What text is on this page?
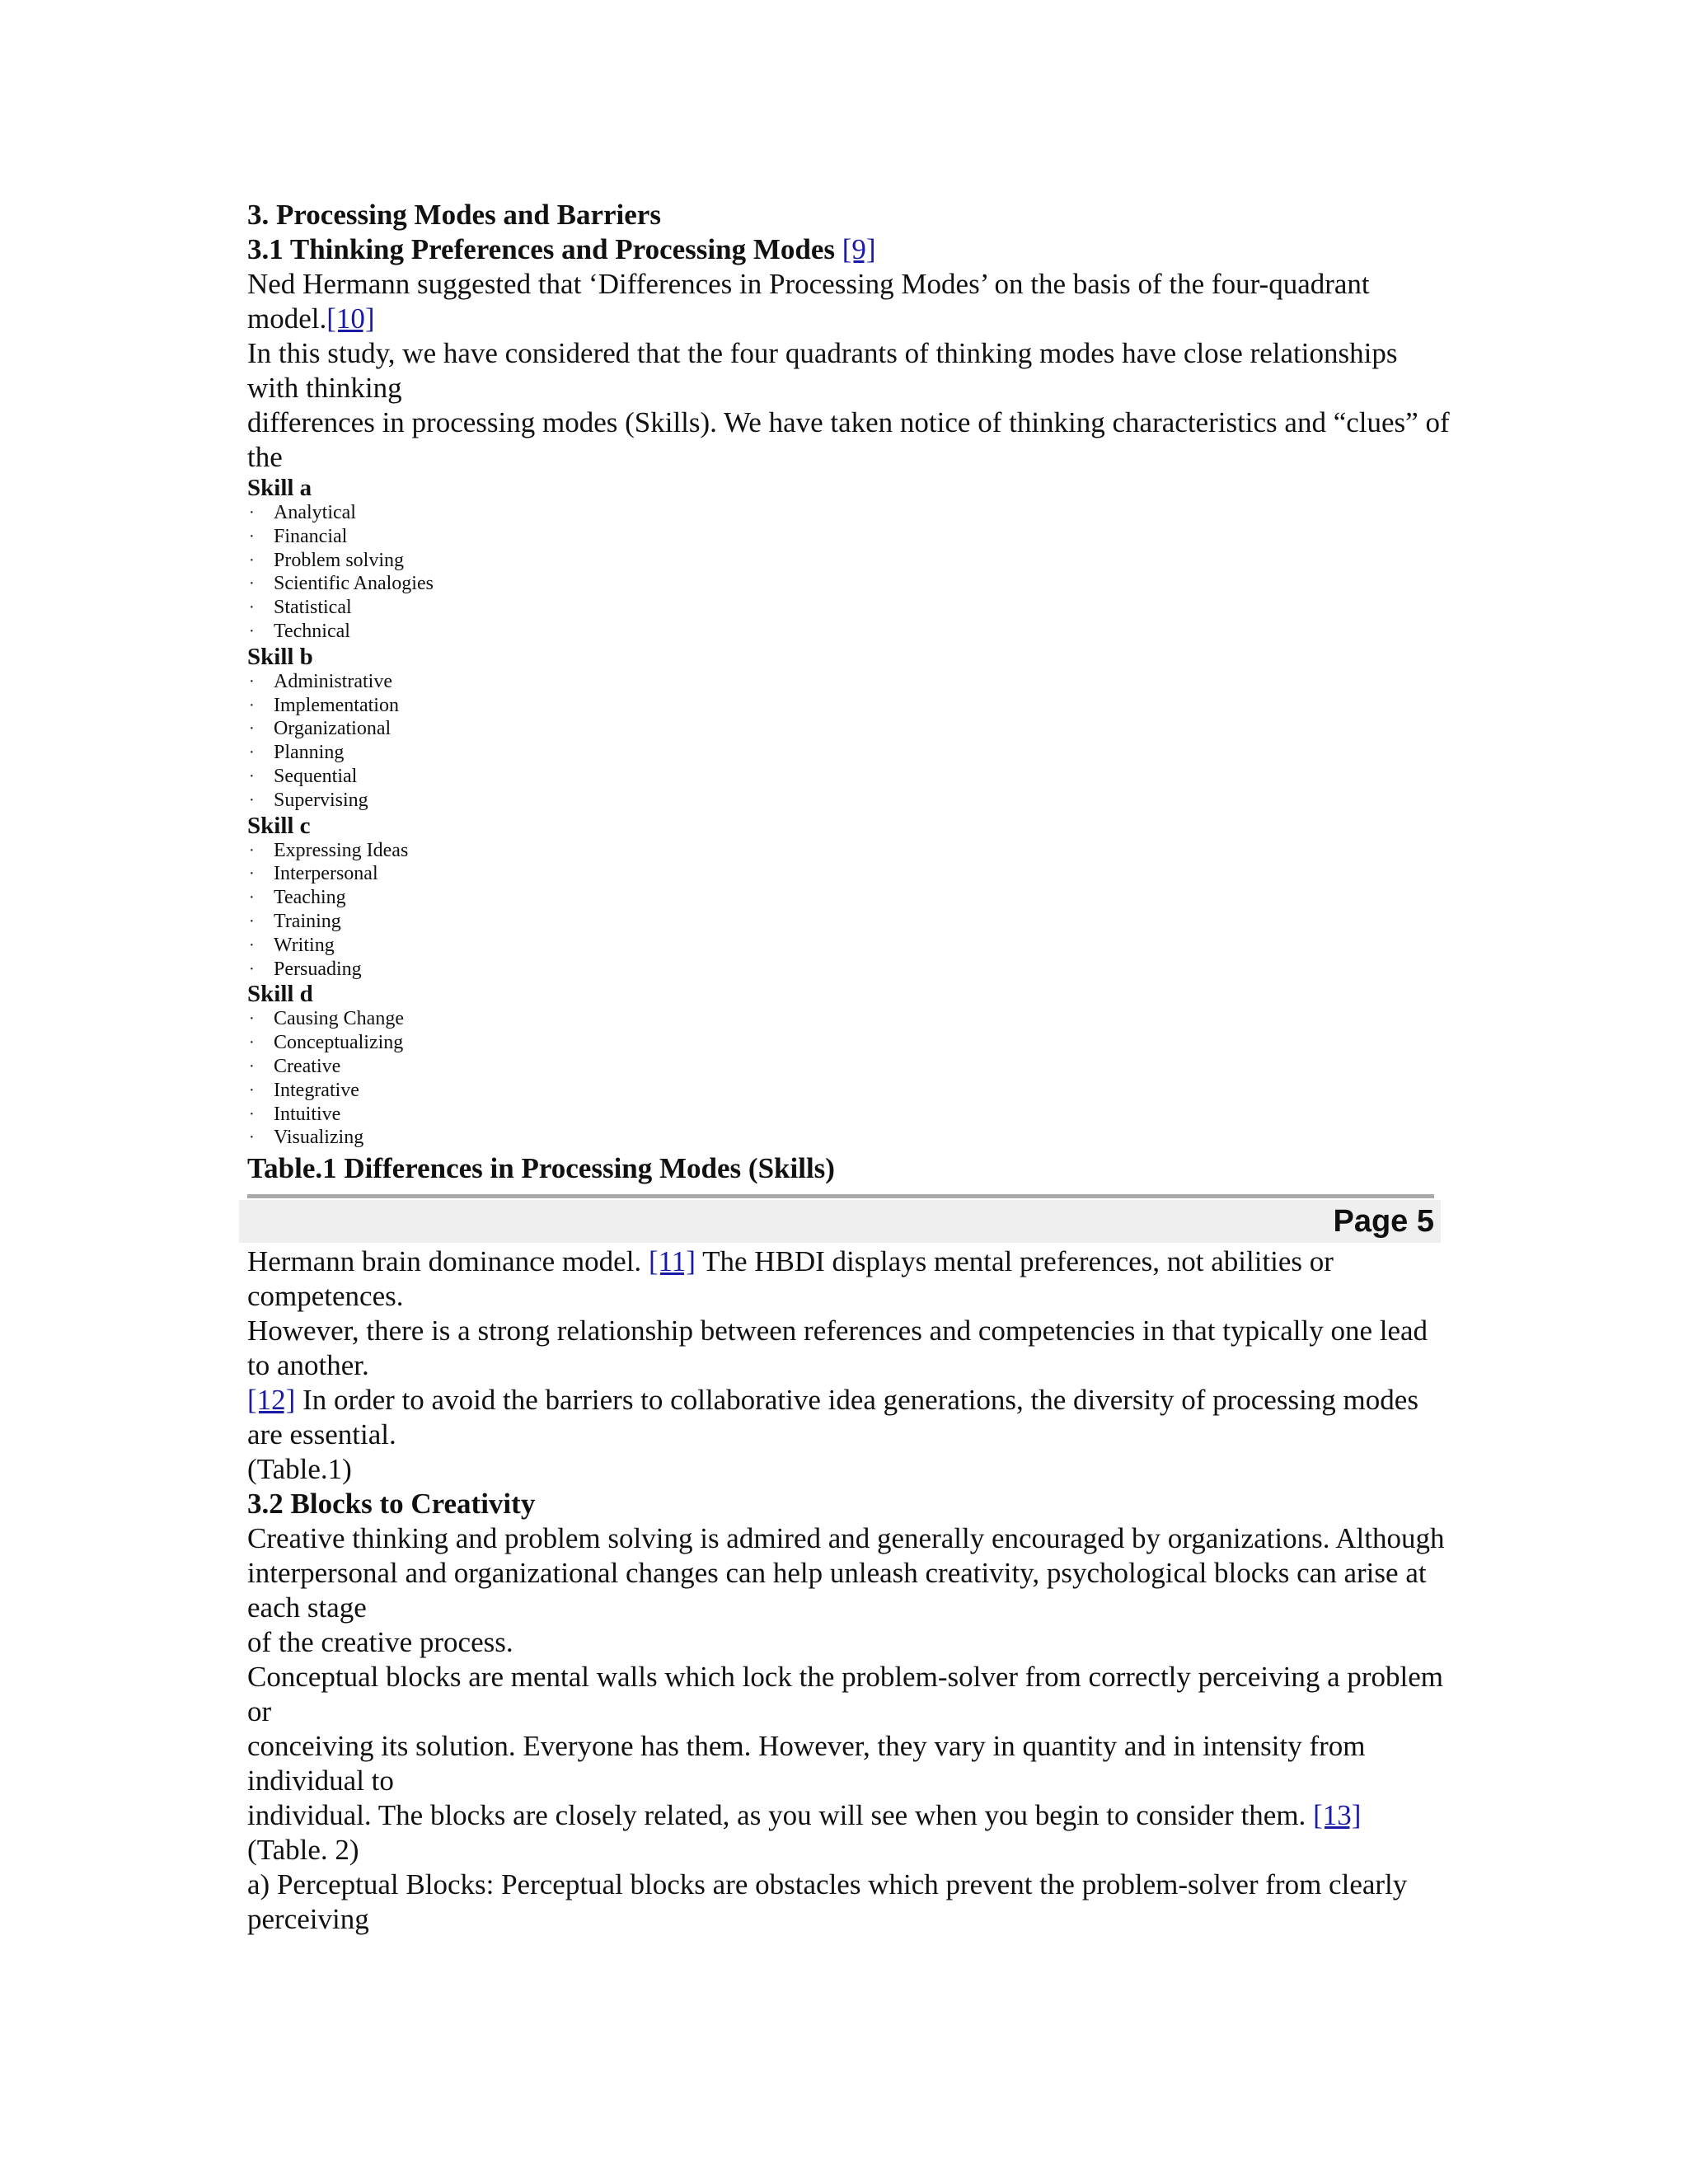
3. Processing Modes and Barriers
3.1 Thinking Preferences and Processing Modes [9]

Ned Hermann suggested that ‘Differences in Processing Modes’ on the basis of the four-quadrant model.[10]

In this study, we have considered that the four quadrants of thinking modes have close relationships with thinking

differences in processing modes (Skills). We have taken notice of thinking characteristics and “clues” of the

Skill a
· Analytical
· Financial
· Problem solving
· Scientific Analogies
· Statistical
· Technical
Skill b
· Administrative
· Implementation
· Organizational
· Planning
· Sequential
· Supervising
Skill c
· Expressing Ideas
· Interpersonal
· Teaching
· Training
· Writing
· Persuading
Skill d
· Causing Change
· Conceptualizing
· Creative
· Integrative
· Intuitive
· Visualizing
Table.1 Differences in Processing Modes (Skills)
Page 5

Hermann brain dominance model. [11] The HBDI displays mental preferences, not abilities or competences.

However, there is a strong relationship between references and competencies in that typically one lead to another.

[12] In order to avoid the barriers to collaborative idea generations, the diversity of processing modes are essential.

(Table.1)

3.2 Blocks to Creativity

Creative thinking and problem solving is admired and generally encouraged by organizations. Although

interpersonal and organizational changes can help unleash creativity, psychological blocks can arise at each stage

of the creative process.

Conceptual blocks are mental walls which lock the problem-solver from correctly perceiving a problem or

conceiving its solution. Everyone has them. However, they vary in quantity and in intensity from individual to

individual. The blocks are closely related, as you will see when you begin to consider them. [13]

(Table. 2)

a) Perceptual Blocks: Perceptual blocks are obstacles which prevent the problem-solver from clearly perceiving
